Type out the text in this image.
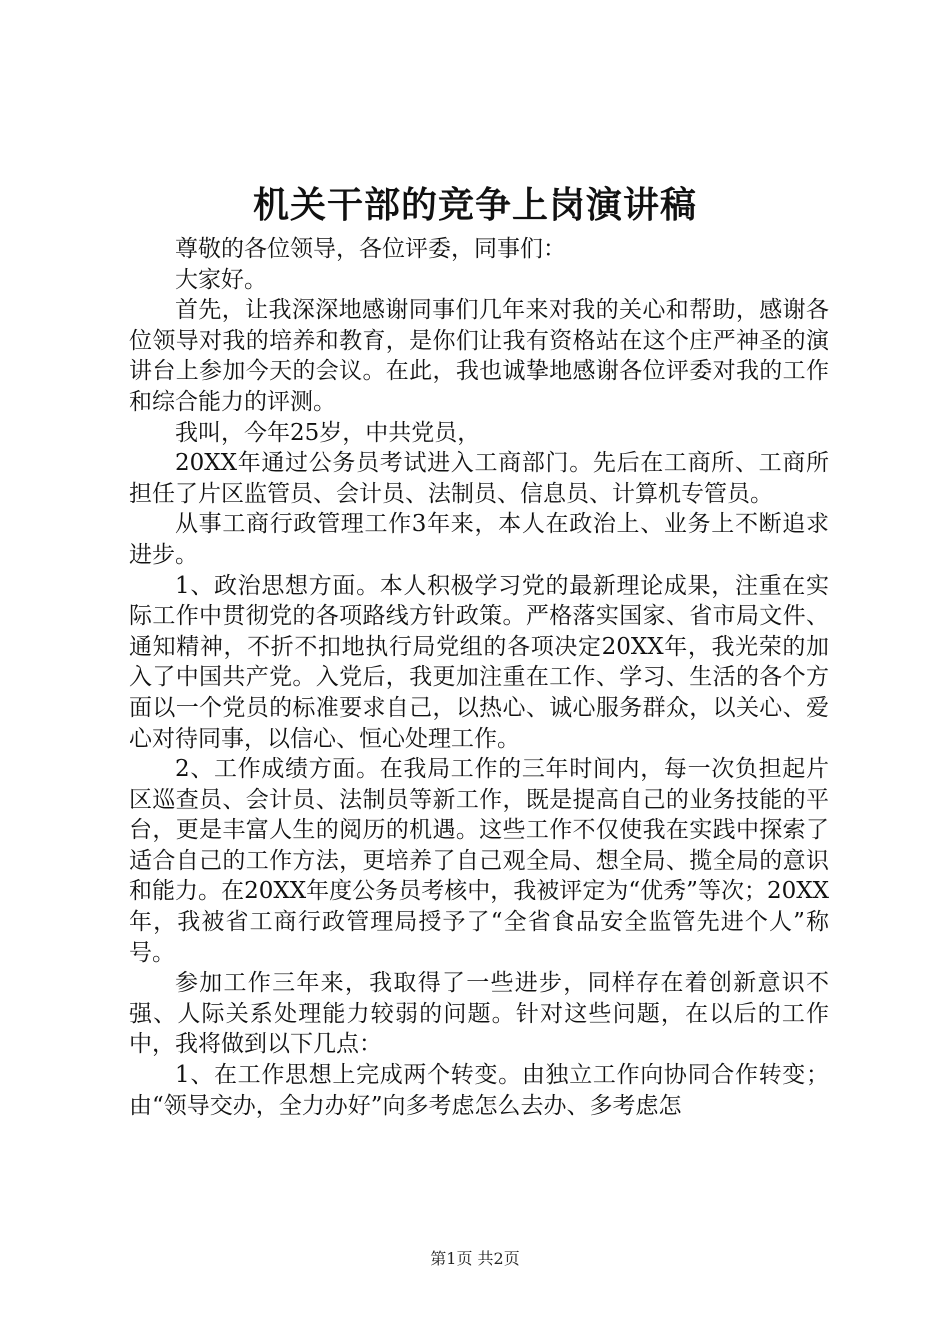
机关干部的竞争上岗演讲稿

尊敬的各位领导，各位评委，同事们：

大家好。

首先，让我深深地感谢同事们几年来对我的关心和帮助，感谢各位领导对我的培养和教育，是你们让我有资格站在这个庄严神圣的演讲台上参加今天的会议。在此，我也诚挚地感谢各位评委对我的工作和综合能力的评测。

我叫，今年25岁，中共党员，

20XX年通过公务员考试进入工商部门。先后在工商所、工商所担任了片区监管员、会计员、法制员、信息员、计算机专管员。

从事工商行政管理工作3年来，本人在政治上、业务上不断追求进步。

1、政治思想方面。本人积极学习党的最新理论成果，注重在实际工作中贯彻党的各项路线方针政策。严格落实国家、省市局文件、通知精神，不折不扣地执行局党组的各项决定20XX年，我光荣的加入了中国共产党。入党后，我更加注重在工作、学习、生活的各个方面以一个党员的标准要求自己，以热心、诚心服务群众，以关心、爱心对待同事，以信心、恒心处理工作。

2、工作成绩方面。在我局工作的三年时间内，每一次负担起片区巡查员、会计员、法制员等新工作，既是提高自己的业务技能的平台，更是丰富人生的阅历的机遇。这些工作不仅使我在实践中探索了适合自己的工作方法，更培养了自己观全局、想全局、揽全局的意识和能力。在20XX年度公务员考核中，我被评定为“优秀”等次；20XX年，我被省工商行政管理局授予了“全省食品安全监管先进个人”称号。

参加工作三年来，我取得了一些进步，同样存在着创新意识不强、人际关系处理能力较弱的问题。针对这些问题，在以后的工作中，我将做到以下几点：

1、在工作思想上完成两个转变。由独立工作向协同合作转变；由“领导交办，全力办好”向多考虑怎么去办、多考虑怎

第1页 共2页
